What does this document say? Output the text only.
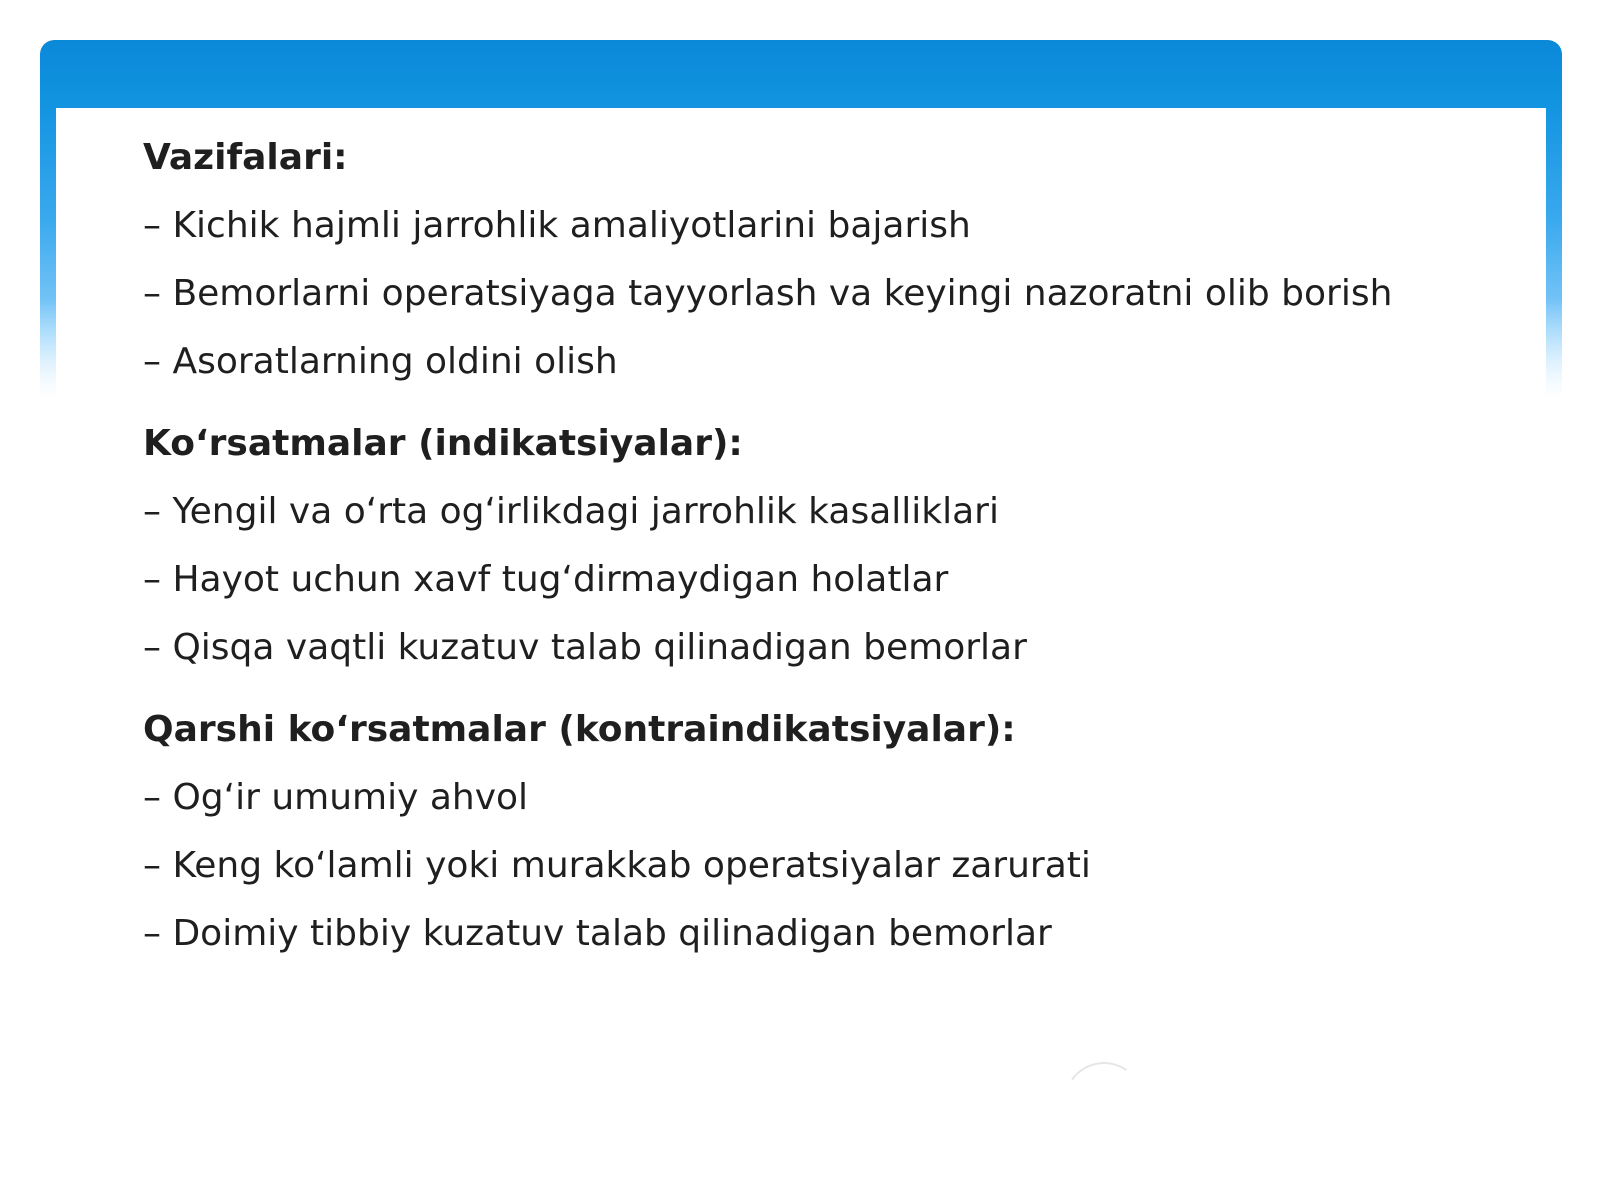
Vazifalari:
– Kichik hajmli jarrohlik amaliyotlarini bajarish
– Bemorlarni operatsiyaga tayyorlash va keyingi nazoratni olib borish
– Asoratlarning oldini olish
Koʻrsatmalar (indikatsiyalar):
– Yengil va oʻrta ogʻirlikdagi jarrohlik kasalliklari
– Hayot uchun xavf tugʻdirmaydigan holatlar
– Qisqa vaqtli kuzatuv talab qilinadigan bemorlar
Qarshi koʻrsatmalar (kontraindikatsiyalar):
– Ogʻir umumiy ahvol
– Keng koʻlamli yoki murakkab operatsiyalar zarurati
– Doimiy tibbiy kuzatuv talab qilinadigan bemorlar
